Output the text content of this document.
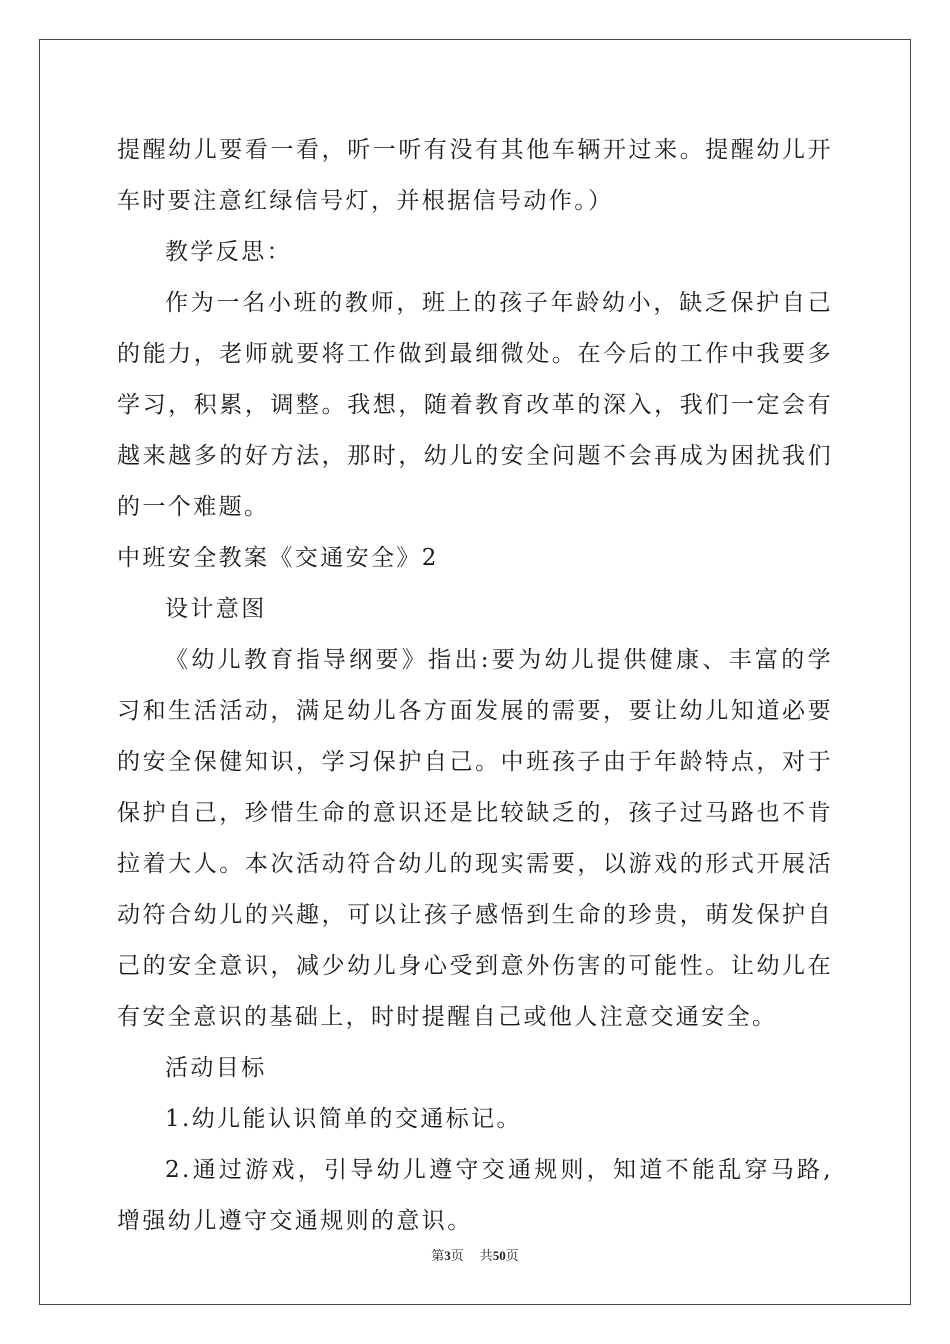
提醒幼儿要看一看，听一听有没有其他车辆开过来。提醒幼儿开车时要注意红绿信号灯，并根据信号动作。）

教学反思：

作为一名小班的教师，班上的孩子年龄幼小，缺乏保护自己的能力，老师就要将工作做到最细微处。在今后的工作中我要多学习，积累，调整。我想，随着教育改革的深入，我们一定会有越来越多的好方法，那时，幼儿的安全问题不会再成为困扰我们的一个难题。

中班安全教案《交通安全》2

设计意图

《幼儿教育指导纲要》指出:要为幼儿提供健康、丰富的学习和生活活动，满足幼儿各方面发展的需要，要让幼儿知道必要的安全保健知识，学习保护自己。中班孩子由于年龄特点，对于保护自己，珍惜生命的意识还是比较缺乏的，孩子过马路也不肯拉着大人。本次活动符合幼儿的现实需要，以游戏的形式开展活动符合幼儿的兴趣，可以让孩子感悟到生命的珍贵，萌发保护自己的安全意识，减少幼儿身心受到意外伤害的可能性。让幼儿在有安全意识的基础上，时时提醒自己或他人注意交通安全。

活动目标

1.幼儿能认识简单的交通标记。

2.通过游戏，引导幼儿遵守交通规则，知道不能乱穿马路,增强幼儿遵守交通规则的意识。

第3页 共50页
